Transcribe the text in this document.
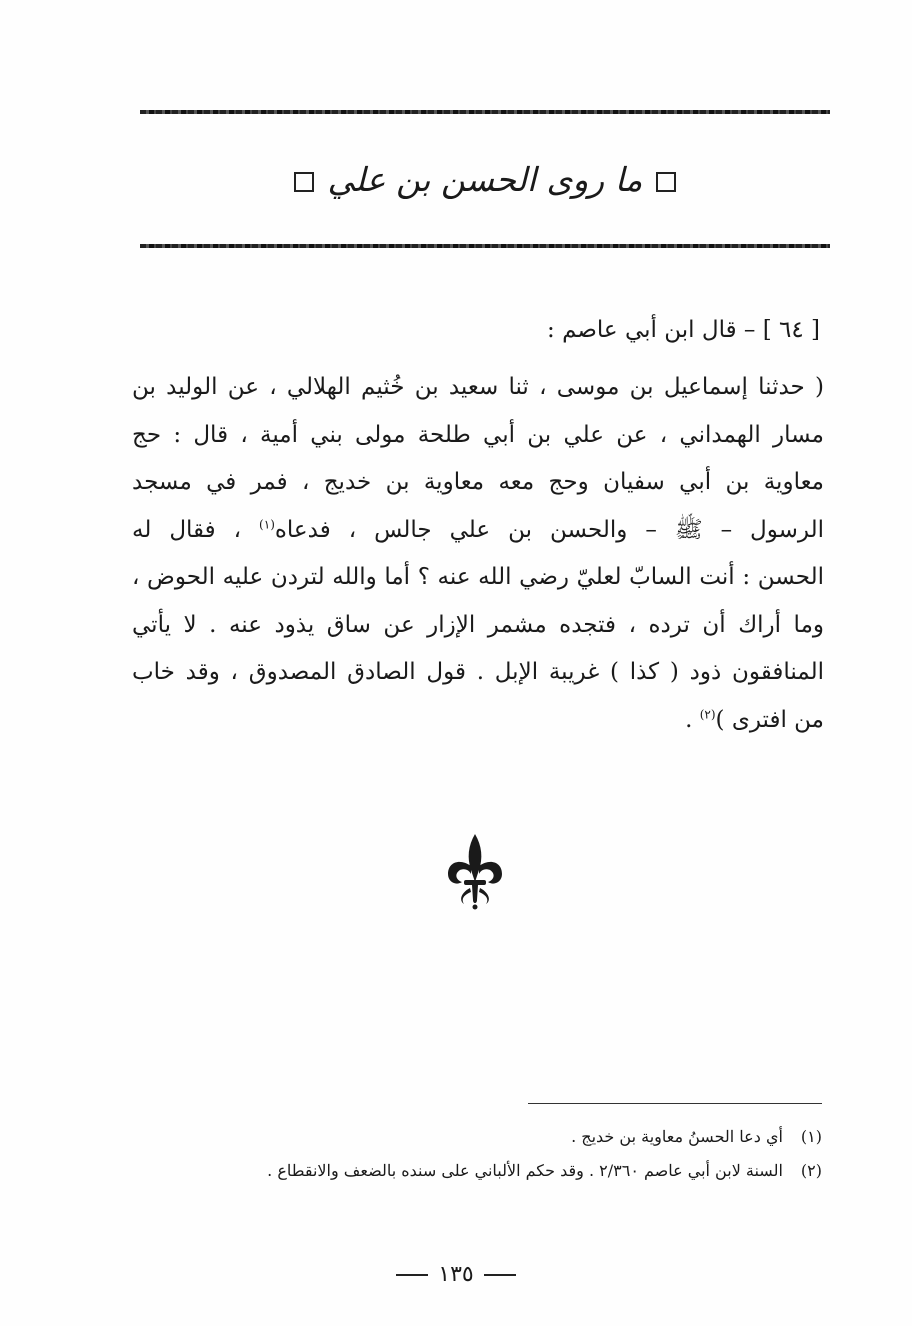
ما روى الحسن بن علي
[ ٦٤ ] – قال ابن أبي عاصم :
( حدثنا إسماعيل بن موسى ، ثنا سعيد بن خُثيم الهلالي ، عن الوليد بن
مسار الهمداني ، عن علي بن أبي طلحة مولى بني أمية ، قال : حج
معاوية بن أبي سفيان وحج معه معاوية بن خديج ، فمر في مسجد
الرسول – ﷺ – والحسن بن علي جالس ، فدعاه$^{(١)}$ ، فقال له
الحسن : أنت السابّ لعليّ رضي الله عنه ؟ أما والله لتردن عليه الحوض ،
وما أراك أن ترده ، فتجده مشمر الإزار عن ساق يذود عنه . لا يأتي
المنافقون ذود ( كذا ) غريبة الإبل . قول الصادق المصدوق ، وقد خاب
من افترى )$^{(٢)}$ .
(١)أي دعا الحسنُ معاوية بن خديج .
(٢)السنة لابن أبي عاصم ٢/٣٦٠ . وقد حكم الألباني على سنده بالضعف والانقطاع .
١٣٥
